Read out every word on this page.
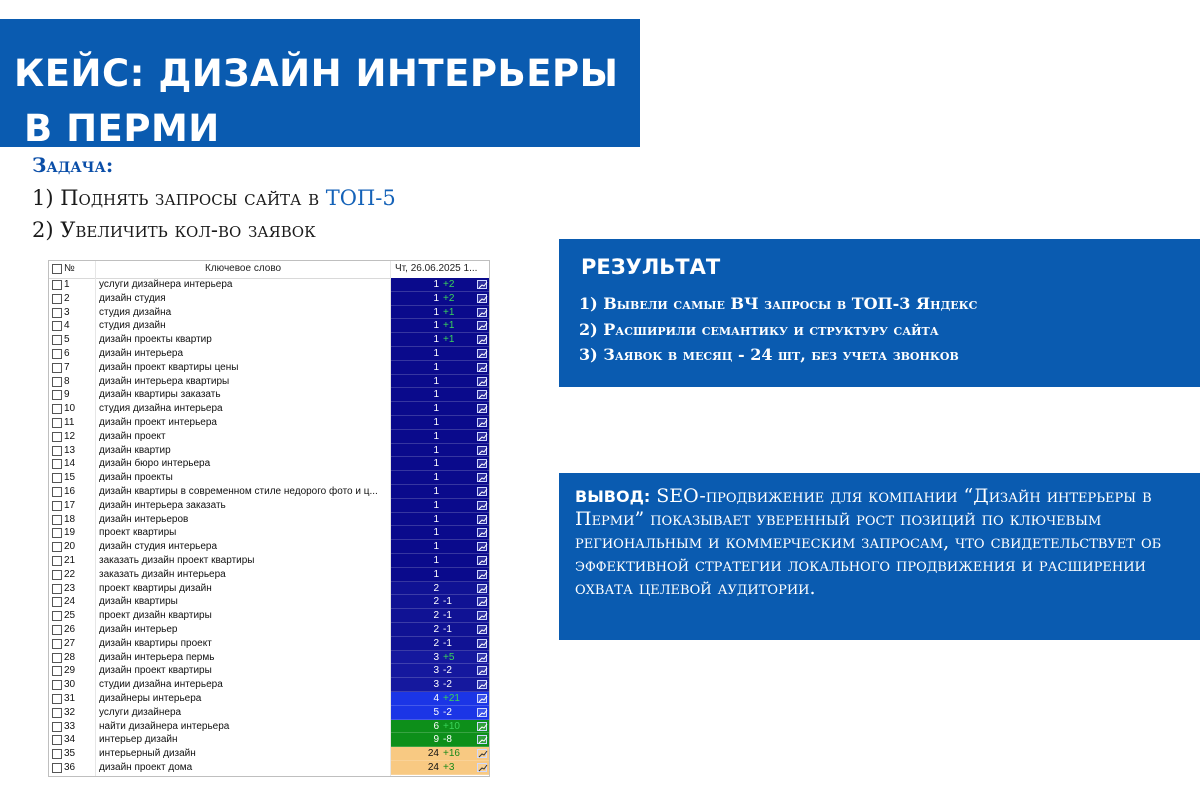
КЕЙС: ДИЗАЙН ИНТЕРЬЕРЫ
В ПЕРМИ
Задача:
1) Поднять запросы сайта в ТОП-5
2) Увеличить кол-во заявок
№	Ключевое слово	Чт, 26.06.2025 1...
1	услуги дизайнера интерьера	1 +2
2	дизайн студия	1 +2
3	студия дизайна	1 +1
4	студия дизайн	1 +1
5	дизайн проекты квартир	1 +1
6	дизайн интерьера	1
7	дизайн проект квартиры цены	1
8	дизайн интерьера квартиры	1
9	дизайн квартиры заказать	1
10 студия дизайна интерьера	1
11 дизайн проект интерьера	1
12 дизайн проект	1
13 дизайн квартир	1
14 дизайн бюро интерьера	1
15 дизайн проекты	1
16 дизайн квартиры в современном стиле недорого фото и ц...	1
17 дизайн интерьера заказать	1
18 дизайн интерьеров	1
19 проект квартиры	1
20 дизайн студия интерьера	1
21 заказать дизайн проект квартиры	1
22 заказать дизайн интерьера	1
23 проект квартиры дизайн	2
24 дизайн квартиры	2 -1
25 проект дизайн квартиры	2 -1
26 дизайн интерьер	2 -1
27 дизайн квартиры проект	2 -1
28 дизайн интерьера пермь	3 +5
29 дизайн проект квартиры	3 -2
30 студии дизайна интерьера	3 -2
31 дизайнеры интерьера	4 +21
32 услуги дизайнера	5 -2
33 найти дизайнера интерьера	6 +10
34 интерьер дизайн	9 -8
35 интерьерный дизайн	24 +16
36 дизайн проект дома	24 +3
РЕЗУЛЬТАТ
1) Вывели самые ВЧ запросы в ТОП-3 Яндекс
2) Расширили семантику и структуру сайта
3) Заявок в месяц - 24 шт, без учета звонков
ВЫВОД: SEO-продвижение для компании “Дизайн интерьеры в Перми” показывает уверенный рост позиций по ключевым региональным и коммерческим запросам, что свидетельствует об эффективной стратегии локального продвижения и расширении охвата целевой аудитории.
